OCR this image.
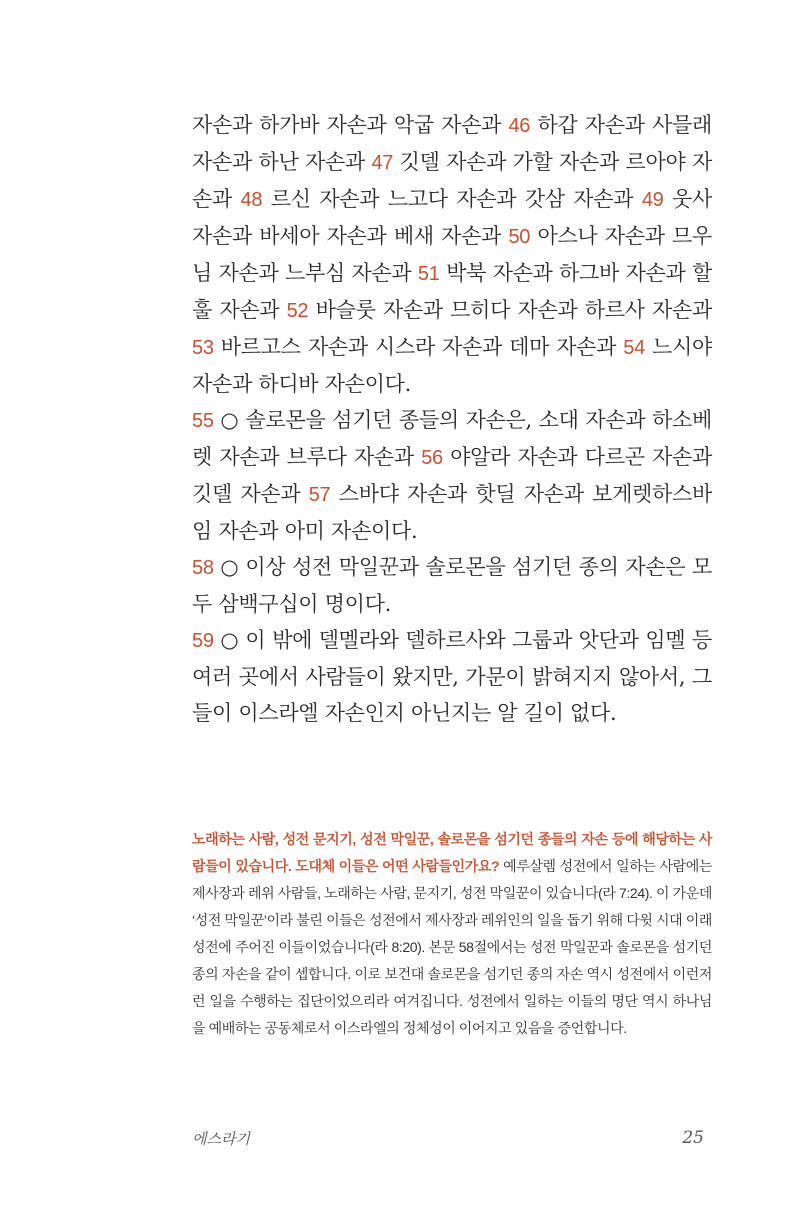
자손과 하가바 자손과 악굽 자손과 46 하갑 자손과 사믈래 자손과 하난 자손과 47 깃델 자손과 가할 자손과 르아야 자손과 48 르신 자손과 느고다 자손과 갓삼 자손과 49 웃사 자손과 바세아 자손과 베새 자손과 50 아스나 자손과 므우님 자손과 느부심 자손과 51 박북 자손과 하그바 자손과 할훌 자손과 52 바슬룻 자손과 므히다 자손과 하르사 자손과 53 바르고스 자손과 시스라 자손과 데마 자손과 54 느시야 자손과 하디바 자손이다.

55 ○ 솔로몬을 섬기던 종들의 자손은, 소대 자손과 하소베렛 자손과 브루다 자손과 56 야알라 자손과 다르곤 자손과 깃델 자손과 57 스바댜 자손과 핫딜 자손과 보게렛하스바임 자손과 아미 자손이다.

58 ○ 이상 성전 막일꾼과 솔로몬을 섬기던 종의 자손은 모두 삼백구십이 명이다.

59 ○ 이 밖에 델멜라와 델하르사와 그룹과 앗단과 임멜 등 여러 곳에서 사람들이 왔지만, 가문이 밝혀지지 않아서, 그들이 이스라엘 자손인지 아닌지는 알 길이 없다.

노래하는 사람, 성전 문지기, 성전 막일꾼, 솔로몬을 섬기던 종들의 자손 등에 해당하는 사람들이 있습니다. 도대체 이들은 어떤 사람들인가요? 예루살렘 성전에서 일하는 사람에는 제사장과 레위 사람들, 노래하는 사람, 문지기, 성전 막일꾼이 있습니다(라 7:24). 이 가운데 ‘성전 막일꾼’이라 불린 이들은 성전에서 제사장과 레위인의 일을 돕기 위해 다윗 시대 이래 성전에 주어진 이들이었습니다(라 8:20). 본문 58절에서는 성전 막일꾼과 솔로몬을 섬기던 종의 자손을 같이 셉합니다. 이로 보건대 솔로몬을 섬기던 종의 자손 역시 성전에서 이런저런 일을 수행하는 집단이었으리라 여겨집니다. 성전에서 일하는 이들의 명단 역시 하나님을 예배하는 공동체로서 이스라엘의 정체성이 이어지고 있음을 증언합니다.
에스라기	25
